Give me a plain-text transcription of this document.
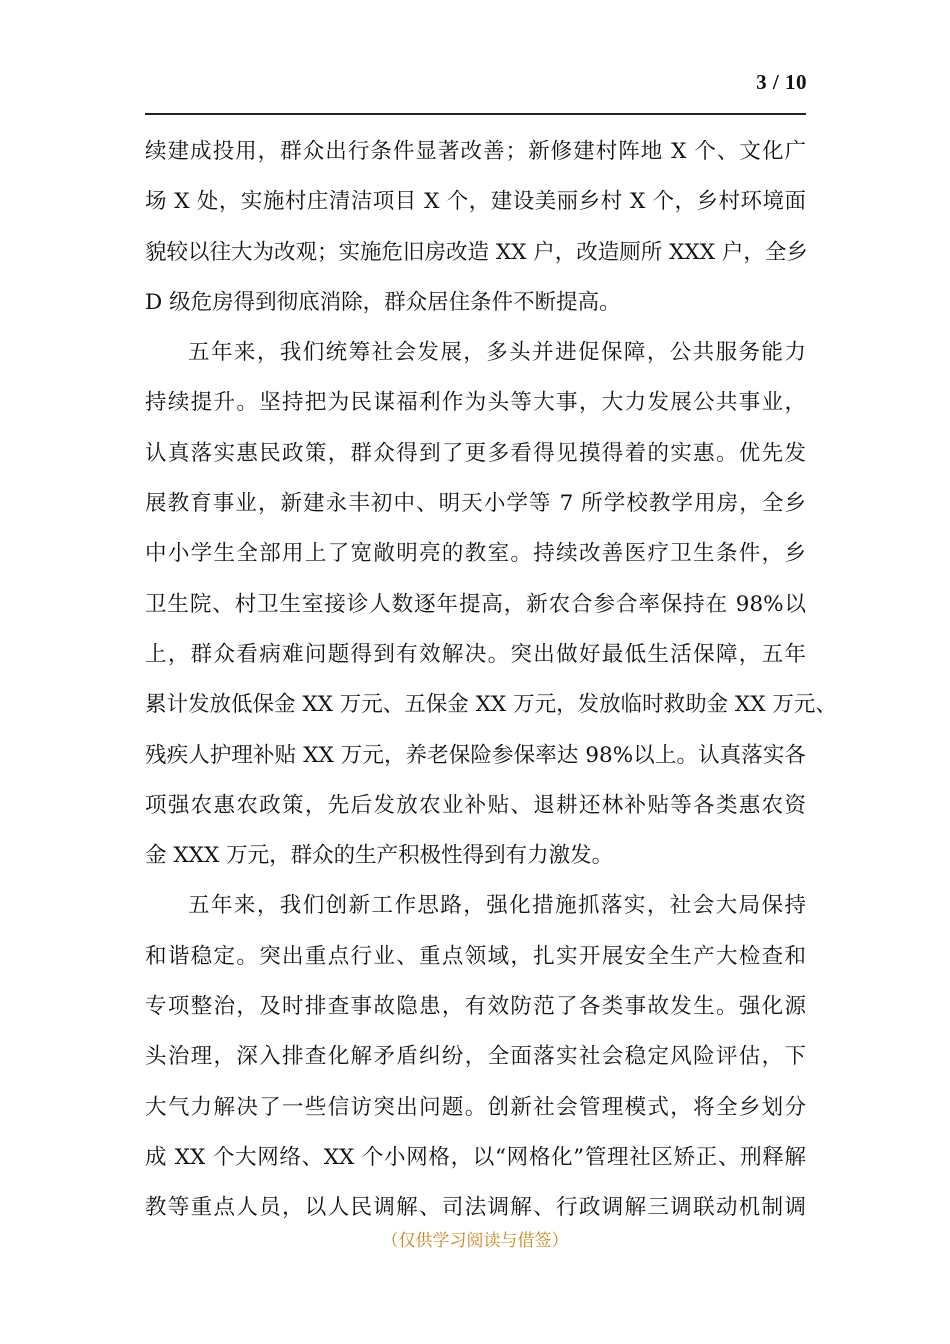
3 / 10
续建成投用，群众出行条件显著改善；新修建村阵地 X 个、文化广
场 X 处，实施村庄清洁项目 X 个，建设美丽乡村 X 个，乡村环境面
貌较以往大为改观；实施危旧房改造 XX 户，改造厕所 XXX 户，全乡
D 级危房得到彻底消除，群众居住条件不断提高。
五年来，我们统筹社会发展，多头并进促保障，公共服务能力
持续提升。坚持把为民谋福利作为头等大事，大力发展公共事业，
认真落实惠民政策，群众得到了更多看得见摸得着的实惠。优先发
展教育事业，新建永丰初中、明天小学等 7 所学校教学用房，全乡
中小学生全部用上了宽敞明亮的教室。持续改善医疗卫生条件，乡
卫生院、村卫生室接诊人数逐年提高，新农合参合率保持在 98%以
上，群众看病难问题得到有效解决。突出做好最低生活保障，五年
累计发放低保金 XX 万元、五保金 XX 万元，发放临时救助金 XX 万元、
残疾人护理补贴 XX 万元，养老保险参保率达 98%以上。认真落实各
项强农惠农政策，先后发放农业补贴、退耕还林补贴等各类惠农资
金 XXX 万元，群众的生产积极性得到有力激发。
五年来，我们创新工作思路，强化措施抓落实，社会大局保持
和谐稳定。突出重点行业、重点领域，扎实开展安全生产大检查和
专项整治，及时排查事故隐患，有效防范了各类事故发生。强化源
头治理，深入排查化解矛盾纠纷，全面落实社会稳定风险评估，下
大气力解决了一些信访突出问题。创新社会管理模式，将全乡划分
成 XX 个大网络、XX 个小网格，以“网格化”管理社区矫正、刑释解
教等重点人员，以人民调解、司法调解、行政调解三调联动机制调
（仅供学习阅读与借签）
